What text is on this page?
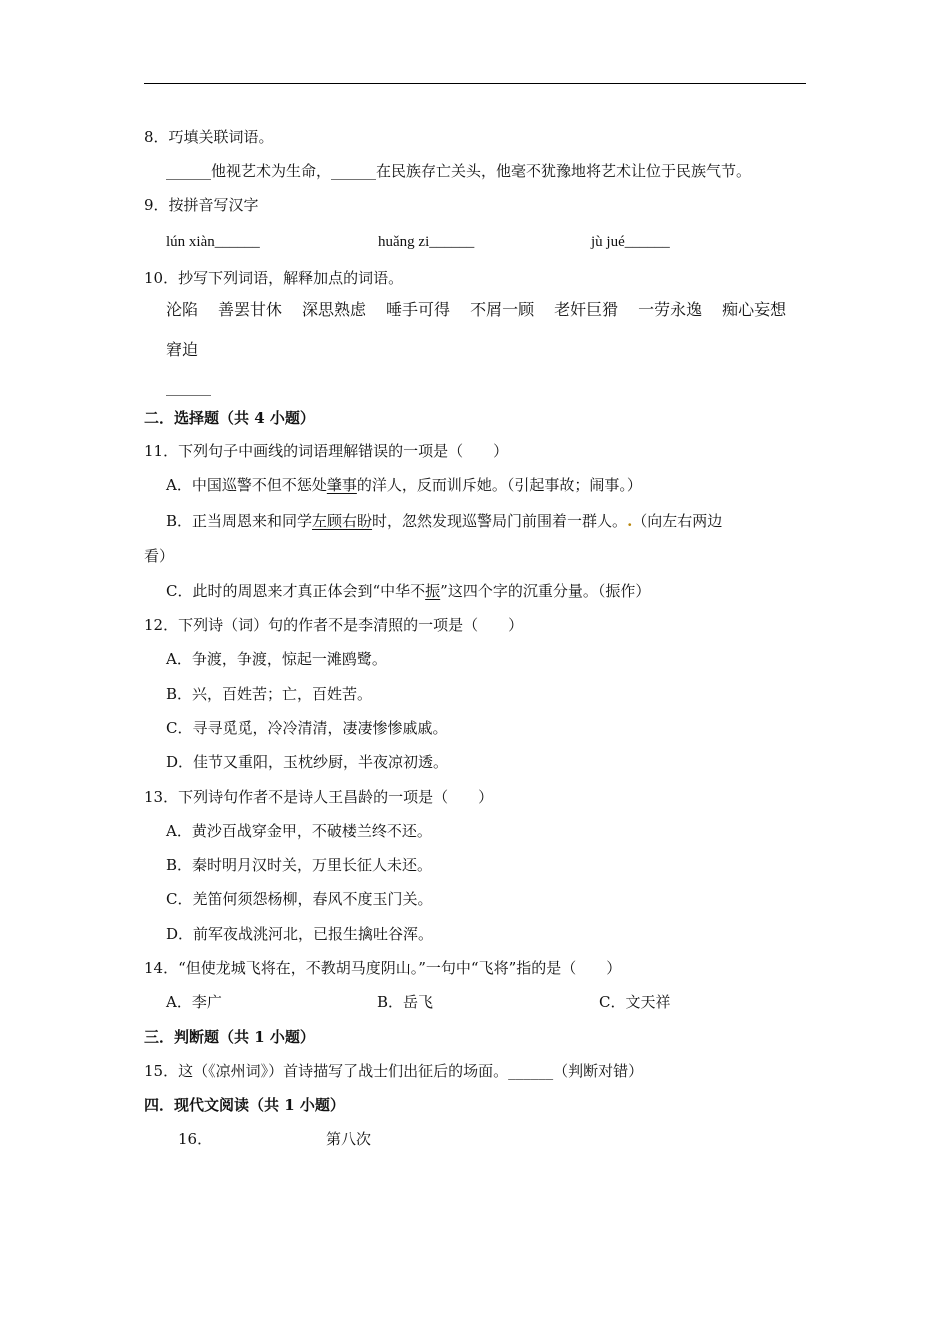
8．巧填关联词语。
______他视艺术为生命，______在民族存亡关头，他毫不犹豫地将艺术让位于民族气节。
9．按拼音写汉字
lún xiàn______	huǎng zi______	jù jué______
10．抄写下列词语，解释加点的词语。
沦陷 善罢甘休 深思熟虑 唾手可得 不屑一顾 老奸巨猾 一劳永逸 痴心妄想
窘迫
______
二．选择题（共 4 小题）
11．下列句子中画线的词语理解错误的一项是（　　）
A．中国巡警不但不惩处肇事的洋人，反而训斥她。（引起事故；闹事。）
B．正当周恩来和同学左顾右盼时，忽然发现巡警局门前围着一群人。.（向左右两边
看）
C．此时的周恩来才真正体会到“中华不振”这四个字的沉重分量。（振作）
12．下列诗（词）句的作者不是李清照的一项是（　　）
A．争渡，争渡，惊起一滩鸥鹭。
B．兴，百姓苦；亡，百姓苦。
C．寻寻觅觅，冷冷清清，凄凄惨惨戚戚。
D．佳节又重阳，玉枕纱厨，半夜凉初透。
13．下列诗句作者不是诗人王昌龄的一项是（　　）
A．黄沙百战穿金甲，不破楼兰终不还。
B．秦时明月汉时关，万里长征人未还。
C．羌笛何须怨杨柳，春风不度玉门关。
D．前军夜战洮河北，已报生擒吐谷浑。
14．“但使龙城飞将在，不教胡马度阴山。”一句中“飞将”指的是（　　）
A．李广	B．岳飞	C．文天祥
三．判断题（共 1 小题）
15．这（《凉州词》）首诗描写了战士们出征后的场面。______（判断对错）
四．现代文阅读（共 1 小题）
16．	第八次
